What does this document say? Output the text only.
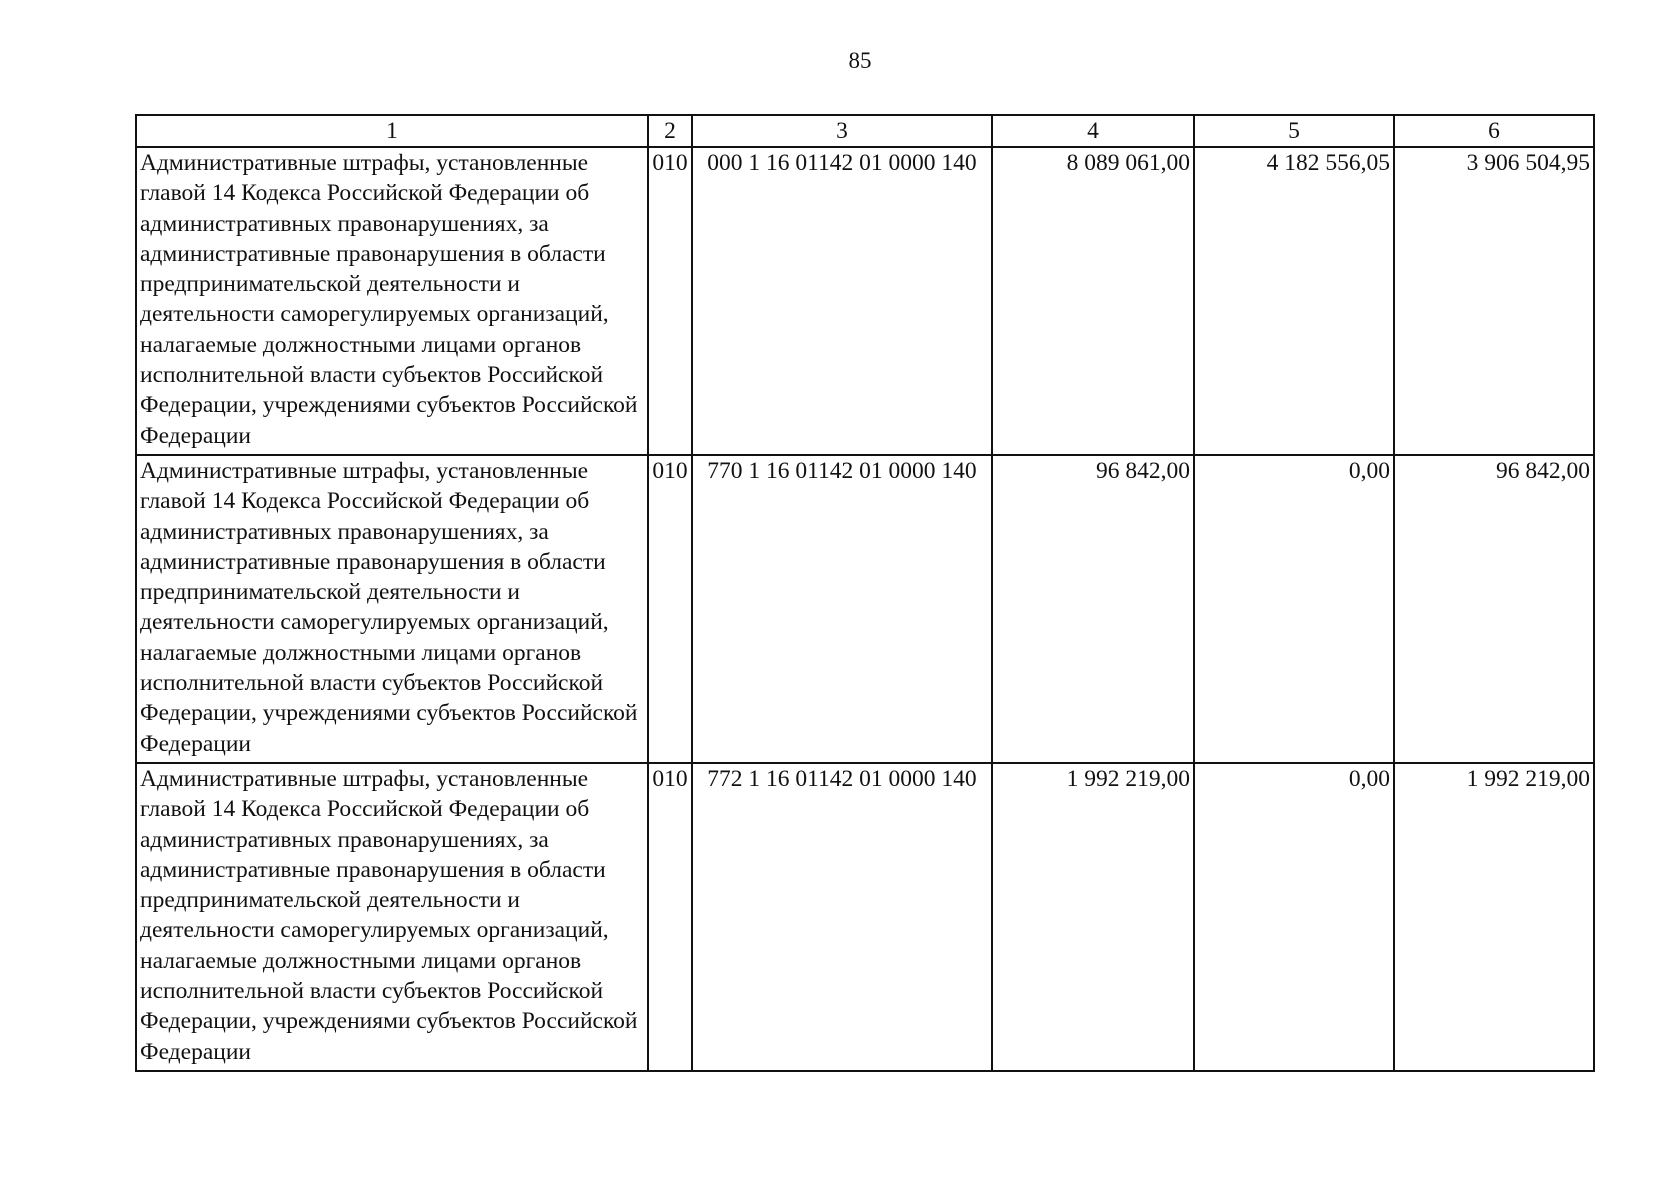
85
1	2	3	4	5	6
Административные штрафы, установленные главой 14 Кодекса Российской Федерации об административных правонарушениях, за административные правонарушения в области предпринимательской деятельности и деятельности саморегулируемых организаций, налагаемые должностными лицами органов исполнительной власти субъектов Российской Федерации, учреждениями субъектов Российской Федерации	010	000 1 16 01142 01 0000 140	8 089 061,00	4 182 556,05	3 906 504,95
Административные штрафы, установленные главой 14 Кодекса Российской Федерации об административных правонарушениях, за административные правонарушения в области предпринимательской деятельности и деятельности саморегулируемых организаций, налагаемые должностными лицами органов исполнительной власти субъектов Российской Федерации, учреждениями субъектов Российской Федерации	010	770 1 16 01142 01 0000 140	96 842,00	0,00	96 842,00
Административные штрафы, установленные главой 14 Кодекса Российской Федерации об административных правонарушениях, за административные правонарушения в области предпринимательской деятельности и деятельности саморегулируемых организаций, налагаемые должностными лицами органов исполнительной власти субъектов Российской Федерации, учреждениями субъектов Российской Федерации	010	772 1 16 01142 01 0000 140	1 992 219,00	0,00	1 992 219,00
